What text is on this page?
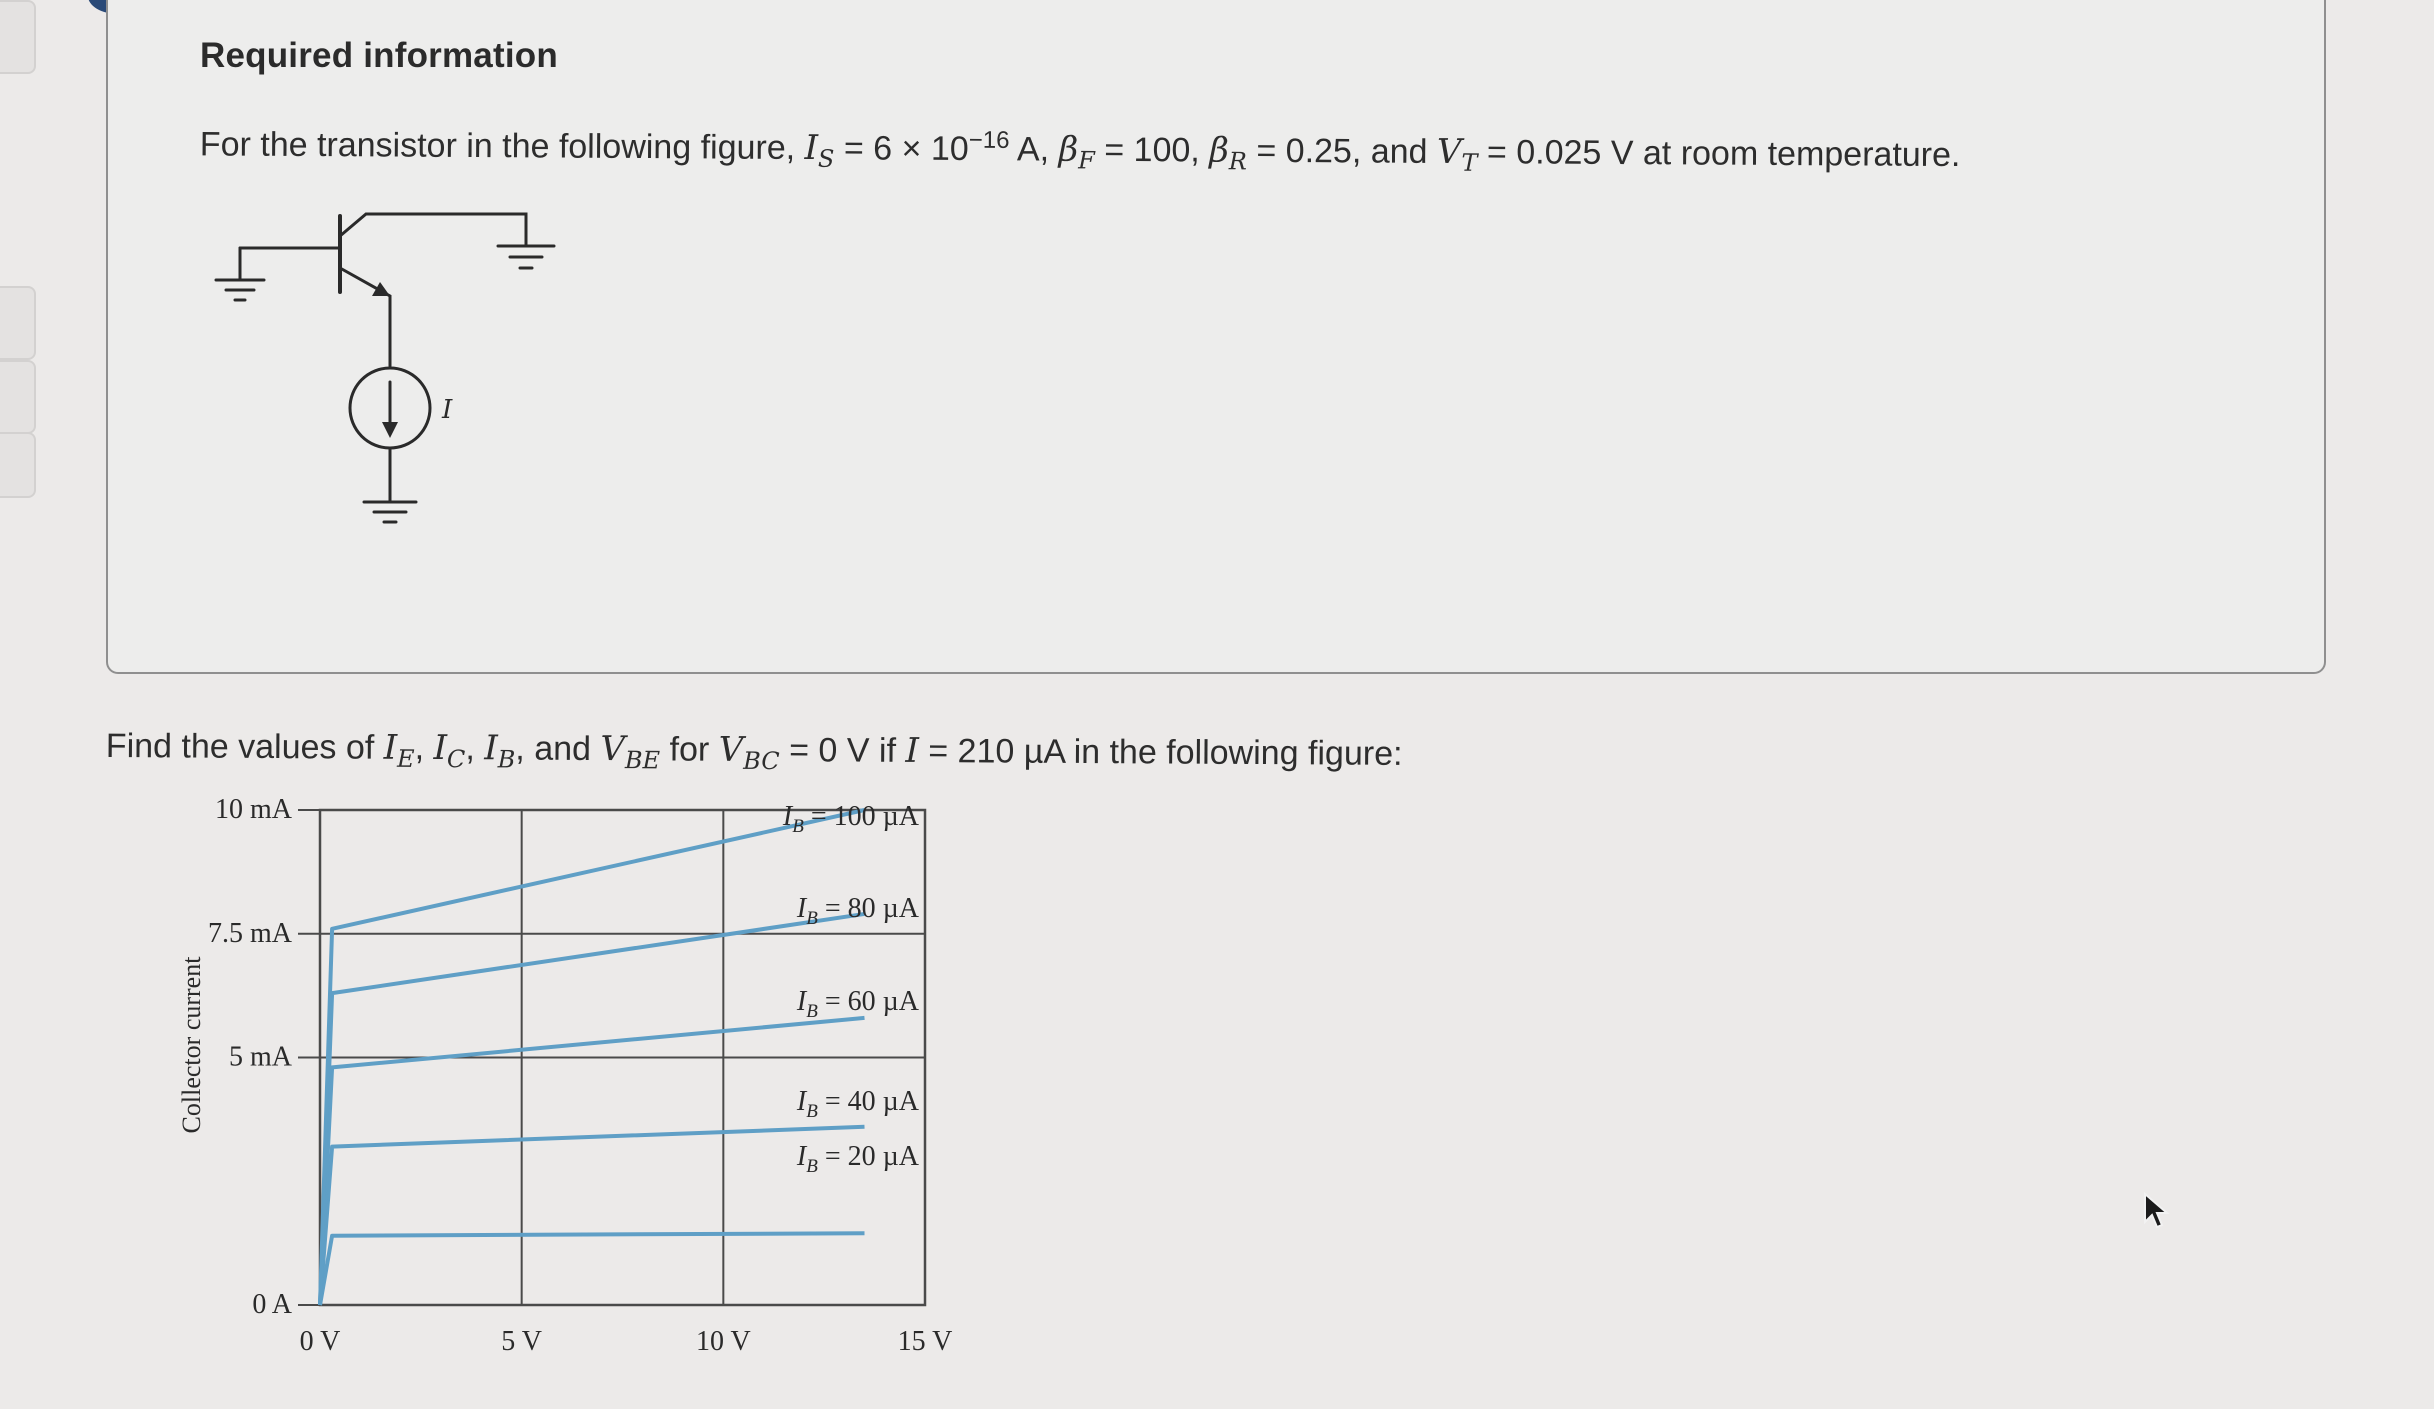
Required information
For the transistor in the following figure, $I_S = 6 \times 10^{-16}$ A, $\beta_F = 100$, $\beta_R = 0.25$, and $V_T = 0.025$ V at room temperature.
I
Find the values of $I_E$, $I_C$, $I_B$, and $V_{BE}$ for $V_{BC} = 0$ V if I = 210 µA in the following figure:
0 V	5 V	10 V	15 V
0 A
5 mA
7.5 mA
10 mA
$I_B = 20$ µA
$I_B = 40$ µA
$I_B = 60$ µA
$I_B = 80$ µA
$I_B = 100$ µA
Collector current
